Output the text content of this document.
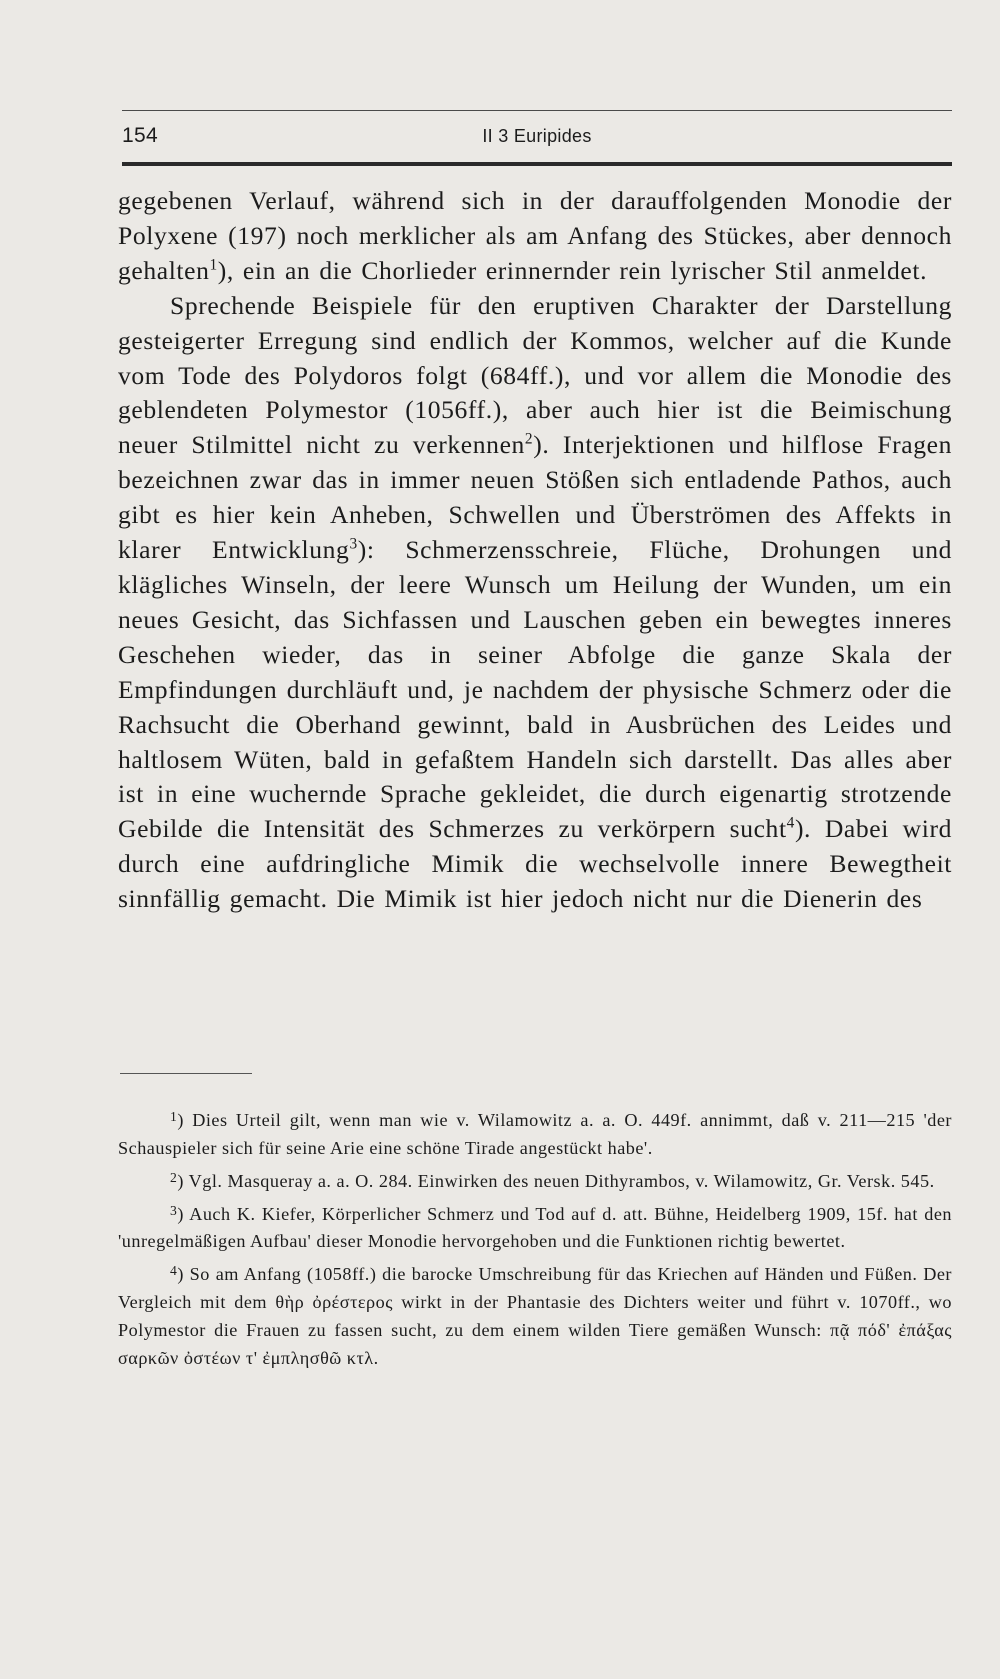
154	II 3 Euripides

gegebenen Verlauf, während sich in der darauffolgenden Monodie der Polyxene (197) noch merklicher als am Anfang des Stückes, aber dennoch gehalten$^1$), ein an die Chorlieder erinnernder rein lyrischer Stil anmeldet.

Sprechende Beispiele für den eruptiven Charakter der Darstellung gesteigerter Erregung sind endlich der Kommos, welcher auf die Kunde vom Tode des Polydoros folgt (684ff.), und vor allem die Monodie des geblendeten Polymestor (1056ff.), aber auch hier ist die Beimischung neuer Stilmittel nicht zu verkennen$^2$). Interjektionen und hilflose Fragen bezeichnen zwar das in immer neuen Stößen sich entladende Pathos, auch gibt es hier kein Anheben, Schwellen und Überströmen des Affekts in klarer Entwicklung$^3$): Schmerzensschreie, Flüche, Drohungen und klägliches Winseln, der leere Wunsch um Heilung der Wunden, um ein neues Gesicht, das Sichfassen und Lauschen geben ein bewegtes inneres Geschehen wieder, das in seiner Abfolge die ganze Skala der Empfindungen durchläuft und, je nachdem der physische Schmerz oder die Rachsucht die Oberhand gewinnt, bald in Ausbrüchen des Leides und haltlosem Wüten, bald in gefaßtem Handeln sich darstellt. Das alles aber ist in eine wuchernde Sprache gekleidet, die durch eigenartig strotzende Gebilde die Intensität des Schmerzes zu verkörpern sucht$^4$). Dabei wird durch eine aufdringliche Mimik die wechselvolle innere Bewegtheit sinnfällig gemacht. Die Mimik ist hier jedoch nicht nur die Dienerin des

$^1$) Dies Urteil gilt, wenn man wie v. Wilamowitz a. a. O. 449f. annimmt, daß v. 211—215 'der Schauspieler sich für seine Arie eine schöne Tirade angestückt habe'.

$^2$) Vgl. Masqueray a. a. O. 284. Einwirken des neuen Dithyrambos, v. Wilamowitz, Gr. Versk. 545.

$^3$) Auch K. Kiefer, Körperlicher Schmerz und Tod auf d. att. Bühne, Heidelberg 1909, 15f. hat den 'unregelmäßigen Aufbau' dieser Monodie hervorgehoben und die Funktionen richtig bewertet.

$^4$) So am Anfang (1058ff.) die barocke Umschreibung für das Kriechen auf Händen und Füßen. Der Vergleich mit dem θὴρ ὀρέστερος wirkt in der Phantasie des Dichters weiter und führt v. 1070ff., wo Polymestor die Frauen zu fassen sucht, zu dem einem wilden Tiere gemäßen Wunsch: πᾷ πόδ' ἐπάξας σαρκῶν ὀστέων τ' ἐμπλησθῶ κτλ.
